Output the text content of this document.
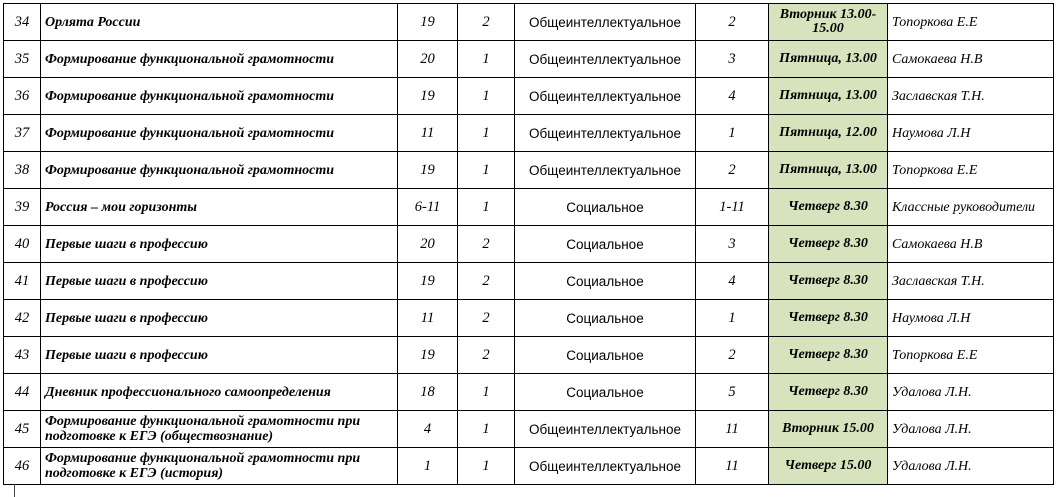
34	Орлята России	19	2	Общеинтеллектуальное	2	Вторник 13.00-15.00	Топоркова Е.Е
35	Формирование функциональной грамотности	20	1	Общеинтеллектуальное	3	Пятница, 13.00	Самокаева Н.В
36	Формирование функциональной грамотности	19	1	Общеинтеллектуальное	4	Пятница, 13.00	Заславская Т.Н.
37	Формирование функциональной грамотности	11	1	Общеинтеллектуальное	1	Пятница, 12.00	Наумова Л.Н
38	Формирование функциональной грамотности	19	1	Общеинтеллектуальное	2	Пятница, 13.00	Топоркова Е.Е
39	Россия – мои горизонты	6-11	1	Социальное	1-11	Четверг 8.30	Классные руководители
40	Первые шаги в профессию	20	2	Социальное	3	Четверг 8.30	Самокаева Н.В
41	Первые шаги в профессию	19	2	Социальное	4	Четверг 8.30	Заславская Т.Н.
42	Первые шаги в профессию	11	2	Социальное	1	Четверг 8.30	Наумова Л.Н
43	Первые шаги в профессию	19	2	Социальное	2	Четверг 8.30	Топоркова Е.Е
44	Дневник профессионального самоопределения	18	1	Социальное	5	Четверг 8.30	Удалова Л.Н.
45	Формирование функциональной грамотности при подготовке к ЕГЭ (обществознание)	4	1	Общеинтеллектуальное	11	Вторник 15.00	Удалова Л.Н.
46	Формирование функциональной грамотности при подготовке к ЕГЭ (история)	1	1	Общеинтеллектуальное	11	Четверг 15.00	Удалова Л.Н.
